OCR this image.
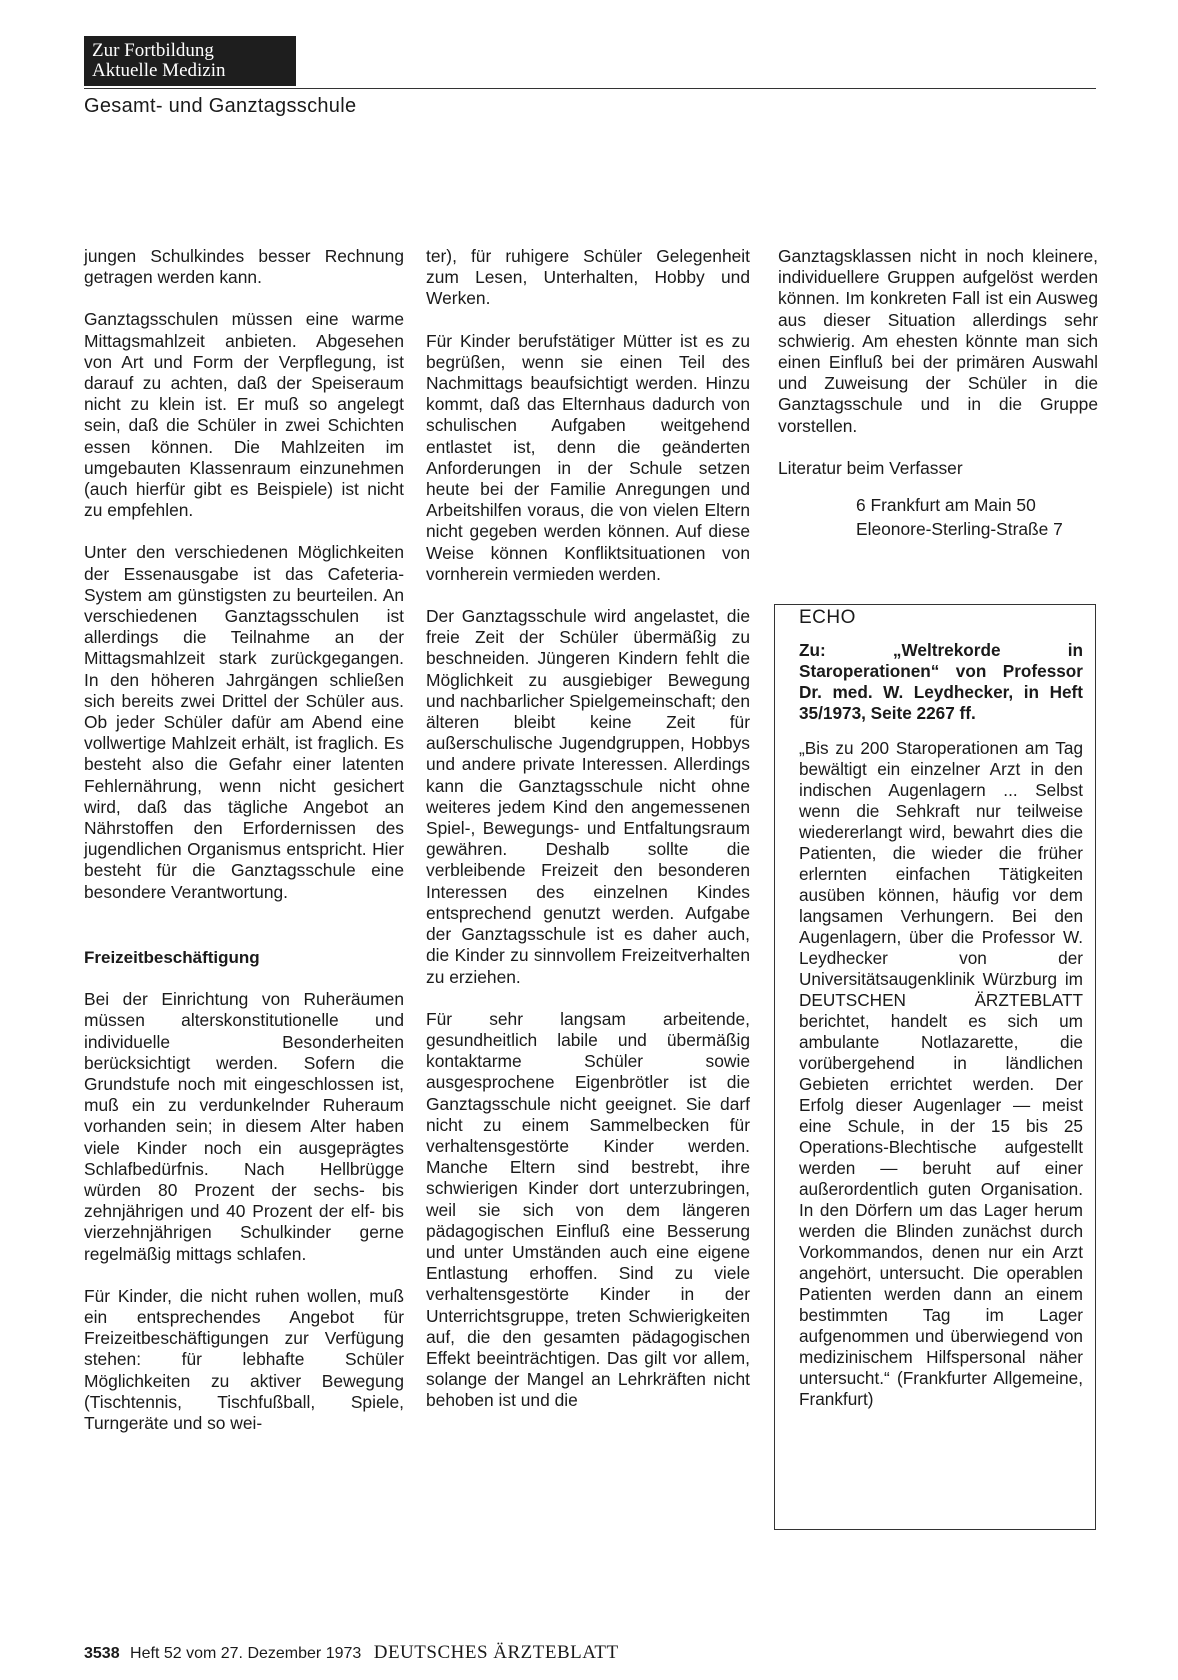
Zur Fortbildung
Aktuelle Medizin
Gesamt- und Ganztagsschule

jungen Schulkindes besser Rechnung getragen werden kann.

Ganztagsschulen müssen eine warme Mittagsmahlzeit anbieten. Abgesehen von Art und Form der Verpflegung, ist darauf zu achten, daß der Speiseraum nicht zu klein ist. Er muß so angelegt sein, daß die Schüler in zwei Schichten essen können. Die Mahlzeiten im umgebauten Klassenraum einzunehmen (auch hierfür gibt es Beispiele) ist nicht zu empfehlen.

Unter den verschiedenen Möglichkeiten der Essenausgabe ist das Cafeteria-System am günstigsten zu beurteilen. An verschiedenen Ganztagsschulen ist allerdings die Teilnahme an der Mittagsmahlzeit stark zurückgegangen. In den höheren Jahrgängen schließen sich bereits zwei Drittel der Schüler aus. Ob jeder Schüler dafür am Abend eine vollwertige Mahlzeit erhält, ist fraglich. Es besteht also die Gefahr einer latenten Fehlernährung, wenn nicht gesichert wird, daß das tägliche Angebot an Nährstoffen den Erfordernissen des jugendlichen Organismus entspricht. Hier besteht für die Ganztagsschule eine besondere Verantwortung.

Freizeitbeschäftigung

Bei der Einrichtung von Ruheräumen müssen alterskonstitutionelle und individuelle Besonderheiten berücksichtigt werden. Sofern die Grundstufe noch mit eingeschlossen ist, muß ein zu verdunkelnder Ruheraum vorhanden sein; in diesem Alter haben viele Kinder noch ein ausgeprägtes Schlafbedürfnis. Nach Hellbrügge würden 80 Prozent der sechs- bis zehnjährigen und 40 Prozent der elf- bis vierzehnjährigen Schulkinder gerne regelmäßig mittags schlafen.

Für Kinder, die nicht ruhen wollen, muß ein entsprechendes Angebot für Freizeitbeschäftigungen zur Verfügung stehen: für lebhafte Schüler Möglichkeiten zu aktiver Bewegung (Tischtennis, Tischfußball, Spiele, Turngeräte und so wei-

ter), für ruhigere Schüler Gelegenheit zum Lesen, Unterhalten, Hobby und Werken.

Für Kinder berufstätiger Mütter ist es zu begrüßen, wenn sie einen Teil des Nachmittags beaufsichtigt werden. Hinzu kommt, daß das Elternhaus dadurch von schulischen Aufgaben weitgehend entlastet ist, denn die geänderten Anforderungen in der Schule setzen heute bei der Familie Anregungen und Arbeitshilfen voraus, die von vielen Eltern nicht gegeben werden können. Auf diese Weise können Konfliktsituationen von vornherein vermieden werden.

Der Ganztagsschule wird angelastet, die freie Zeit der Schüler übermäßig zu beschneiden. Jüngeren Kindern fehlt die Möglichkeit zu ausgiebiger Bewegung und nachbarlicher Spielgemeinschaft; den älteren bleibt keine Zeit für außerschulische Jugendgruppen, Hobbys und andere private Interessen. Allerdings kann die Ganztagsschule nicht ohne weiteres jedem Kind den angemessenen Spiel-, Bewegungs- und Entfaltungsraum gewähren. Deshalb sollte die verbleibende Freizeit den besonderen Interessen des einzelnen Kindes entsprechend genutzt werden. Aufgabe der Ganztagsschule ist es daher auch, die Kinder zu sinnvollem Freizeitverhalten zu erziehen.

Für sehr langsam arbeitende, gesundheitlich labile und übermäßig kontaktarme Schüler sowie ausgesprochene Eigenbrötler ist die Ganztagsschule nicht geeignet. Sie darf nicht zu einem Sammelbecken für verhaltensgestörte Kinder werden. Manche Eltern sind bestrebt, ihre schwierigen Kinder dort unterzubringen, weil sie sich von dem längeren pädagogischen Einfluß eine Besserung und unter Umständen auch eine eigene Entlastung erhoffen. Sind zu viele verhaltensgestörte Kinder in der Unterrichtsgruppe, treten Schwierigkeiten auf, die den gesamten pädagogischen Effekt beeinträchtigen. Das gilt vor allem, solange der Mangel an Lehrkräften nicht behoben ist und die

Ganztagsklassen nicht in noch kleinere, individuellere Gruppen aufgelöst werden können. Im konkreten Fall ist ein Ausweg aus dieser Situation allerdings sehr schwierig. Am ehesten könnte man sich einen Einfluß bei der primären Auswahl und Zuweisung der Schüler in die Ganztagsschule und in die Gruppe vorstellen.

Literatur beim Verfasser
6 Frankfurt am Main 50
Eleonore-Sterling-Straße 7
ECHO

Zu: „Weltrekorde in Staroperationen“ von Professor Dr. med. W. Leydhecker, in Heft 35/1973, Seite 2267 ff.

„Bis zu 200 Staroperationen am Tag bewältigt ein einzelner Arzt in den indischen Augenlagern ... Selbst wenn die Sehkraft nur teilweise wiedererlangt wird, bewahrt dies die Patienten, die wieder die früher erlernten einfachen Tätigkeiten ausüben können, häufig vor dem langsamen Verhungern. Bei den Augenlagern, über die Professor W. Leydhecker von der Universitätsaugenklinik Würzburg im DEUTSCHEN ÄRZTEBLATT berichtet, handelt es sich um ambulante Notlazarette, die vorübergehend in ländlichen Gebieten errichtet werden. Der Erfolg dieser Augenlager — meist eine Schule, in der 15 bis 25 Operations-Blechtische aufgestellt werden — beruht auf einer außerordentlich guten Organisation. In den Dörfern um das Lager herum werden die Blinden zunächst durch Vorkommandos, denen nur ein Arzt angehört, untersucht. Die operablen Patienten werden dann an einem bestimmten Tag im Lager aufgenommen und überwiegend von medizinischem Hilfspersonal näher untersucht.“ (Frankfurter Allgemeine, Frankfurt)

3538 Heft 52 vom 27. Dezember 1973 DEUTSCHES ÄRZTEBLATT
